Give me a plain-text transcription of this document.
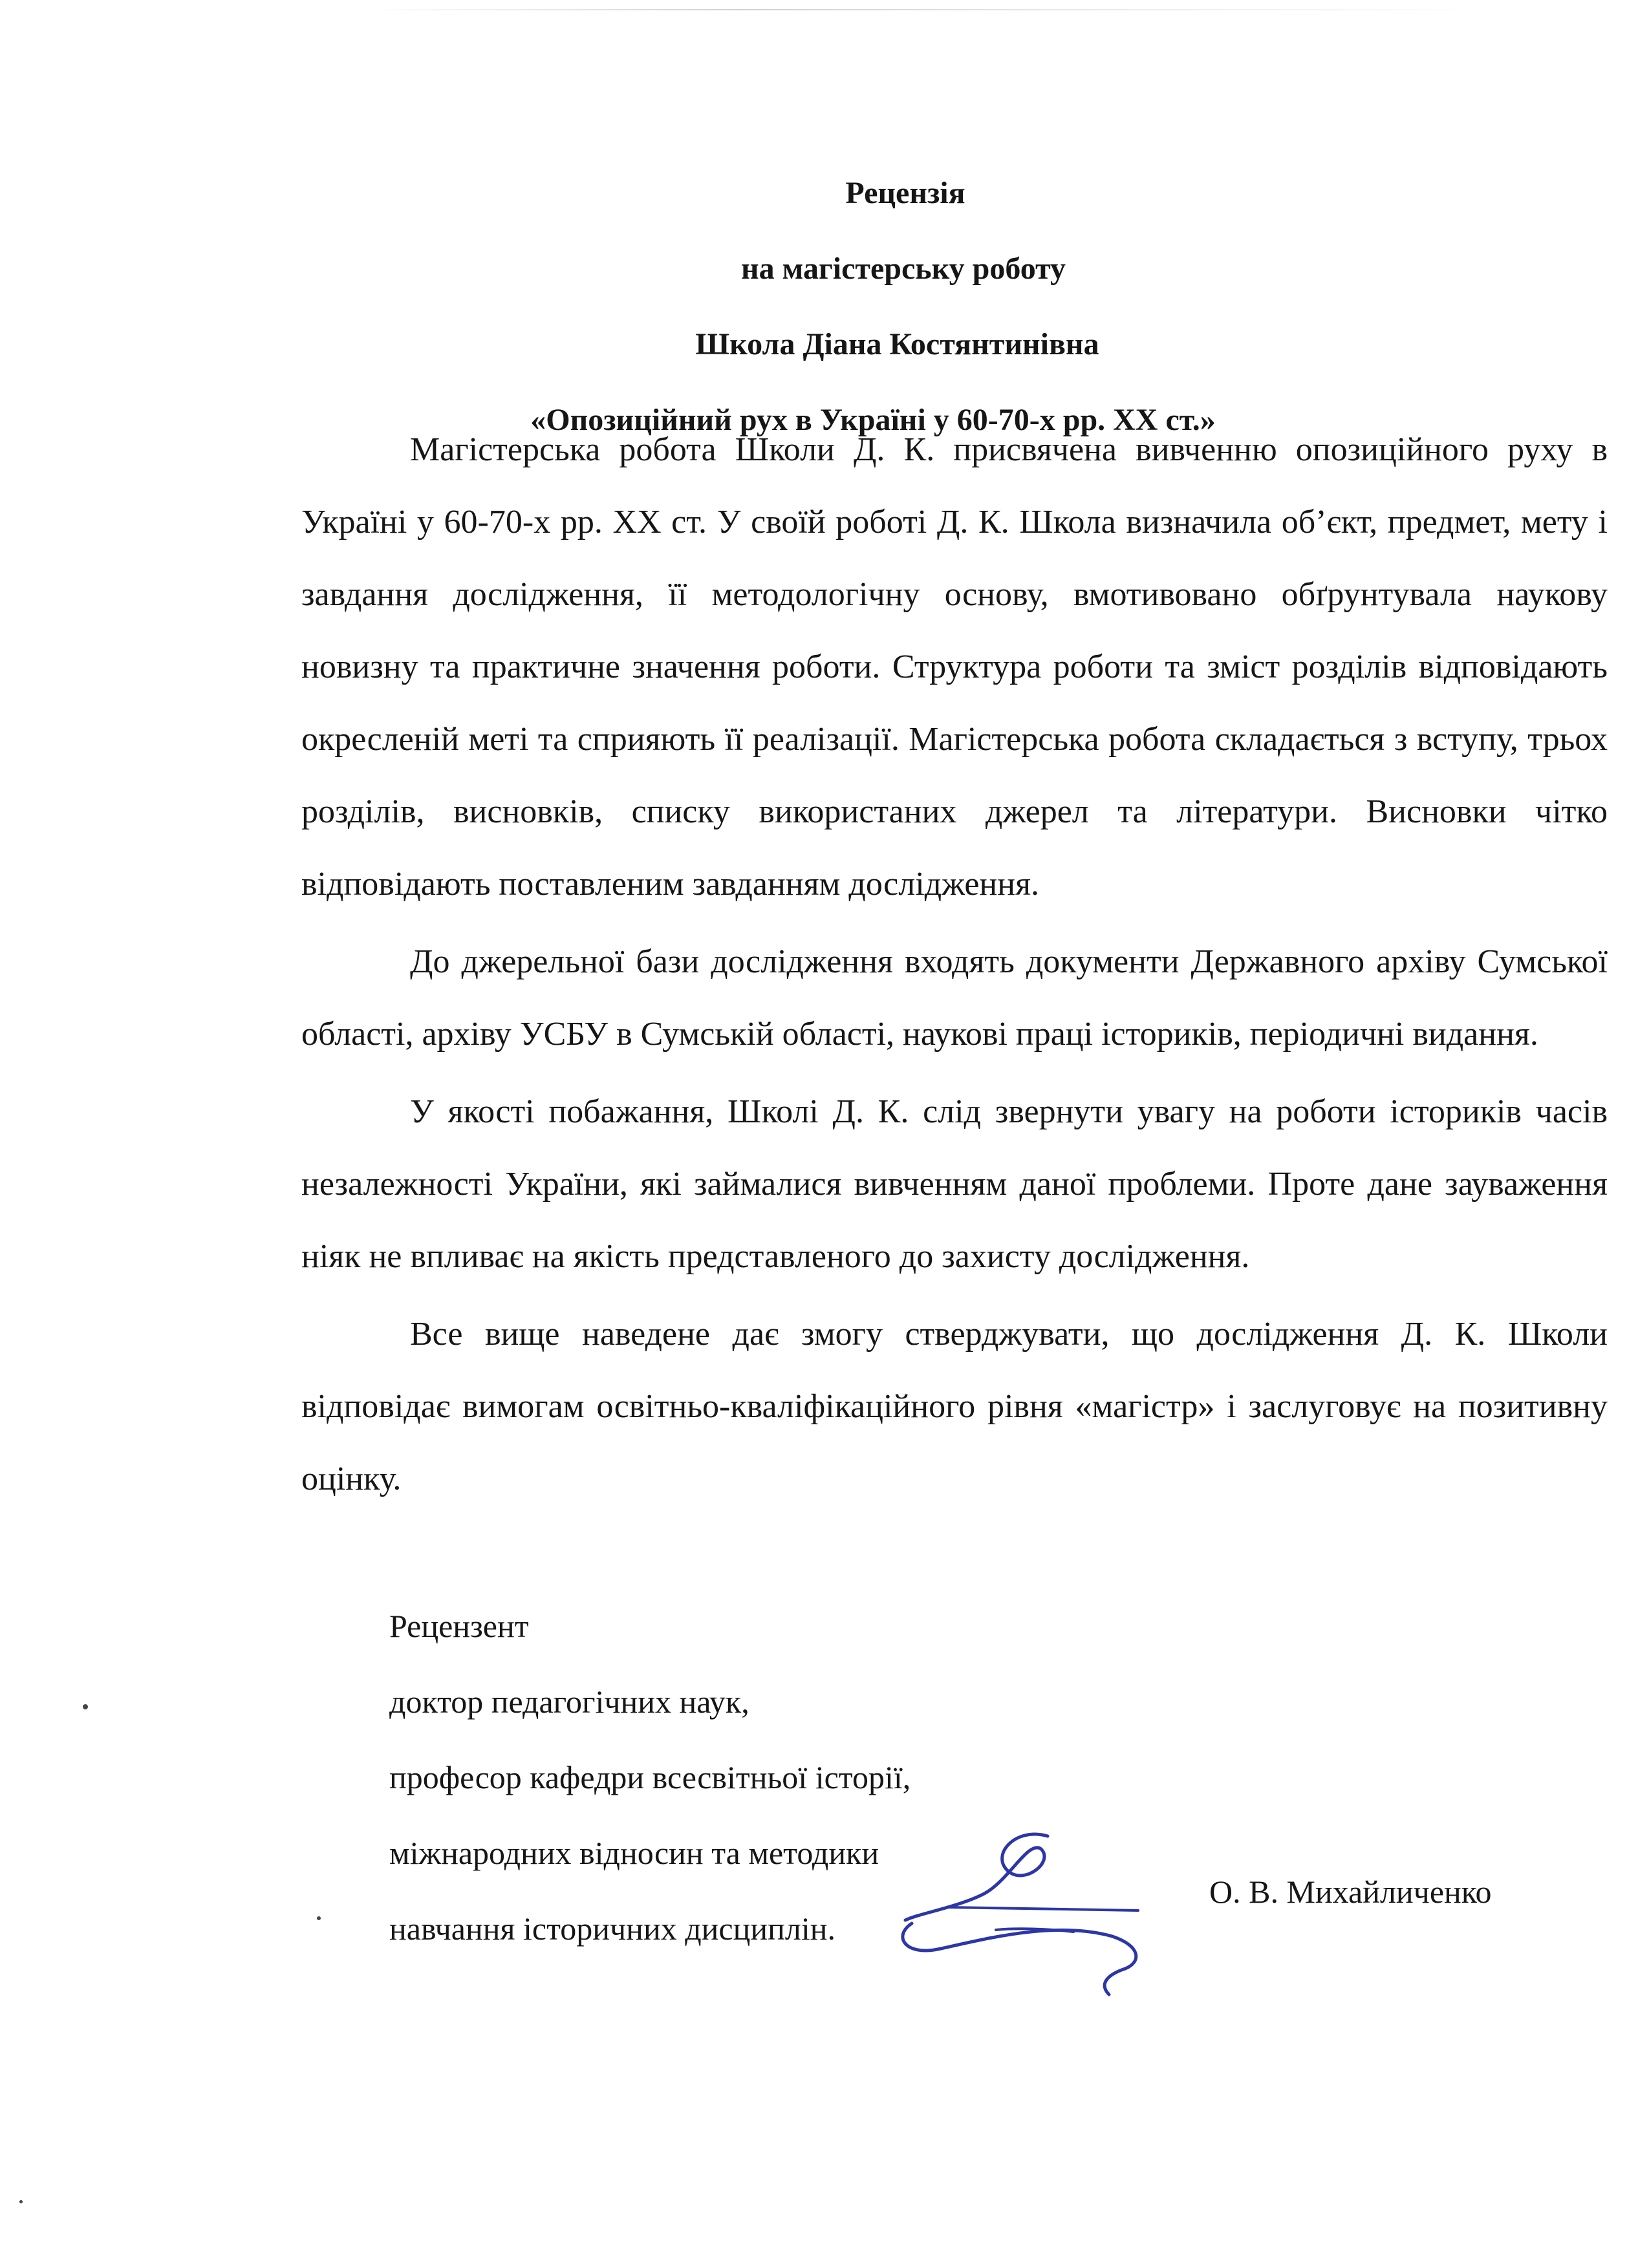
Рецензія
на магістерську роботу
Школа Діана Костянтинівна
«Опозиційний рух в Україні у 60-70-х рр. ХХ ст.»

Магістерська робота Школи Д. К. присвячена вивченню опозиційного руху в Україні у 60-70-х рр. ХХ ст. У своїй роботі Д. К. Школа визначила об’єкт, предмет, мету і завдання дослідження, її методологічну основу, вмотивовано обґрунтувала наукову новизну та практичне значення роботи. Структура роботи та зміст розділів відповідають окресленій меті та сприяють її реалізації. Магістерська робота складається з вступу, трьох розділів, висновків, списку використаних джерел та літератури. Висновки чітко відповідають поставленим завданням дослідження.

До джерельної бази дослідження входять документи Державного архіву Сумської області, архіву УСБУ в Сумській області, наукові праці істориків, періодичні видання.

У якості побажання, Школі Д. К. слід звернути увагу на роботи істориків часів незалежності України, які займалися вивченням даної проблеми. Проте дане зауваження ніяк не впливає на якість представленого до захисту дослідження.

Все вище наведене дає змогу стверджувати, що дослідження Д. К. Школи відповідає вимогам освітньо-кваліфікаційного рівня «магістр» і заслуговує на позитивну оцінку.

Рецензент
доктор педагогічних наук,
професор кафедри всесвітньої історії,
міжнародних відносин та методики
навчання історичних дисциплін.
О. В. Михайличенко
